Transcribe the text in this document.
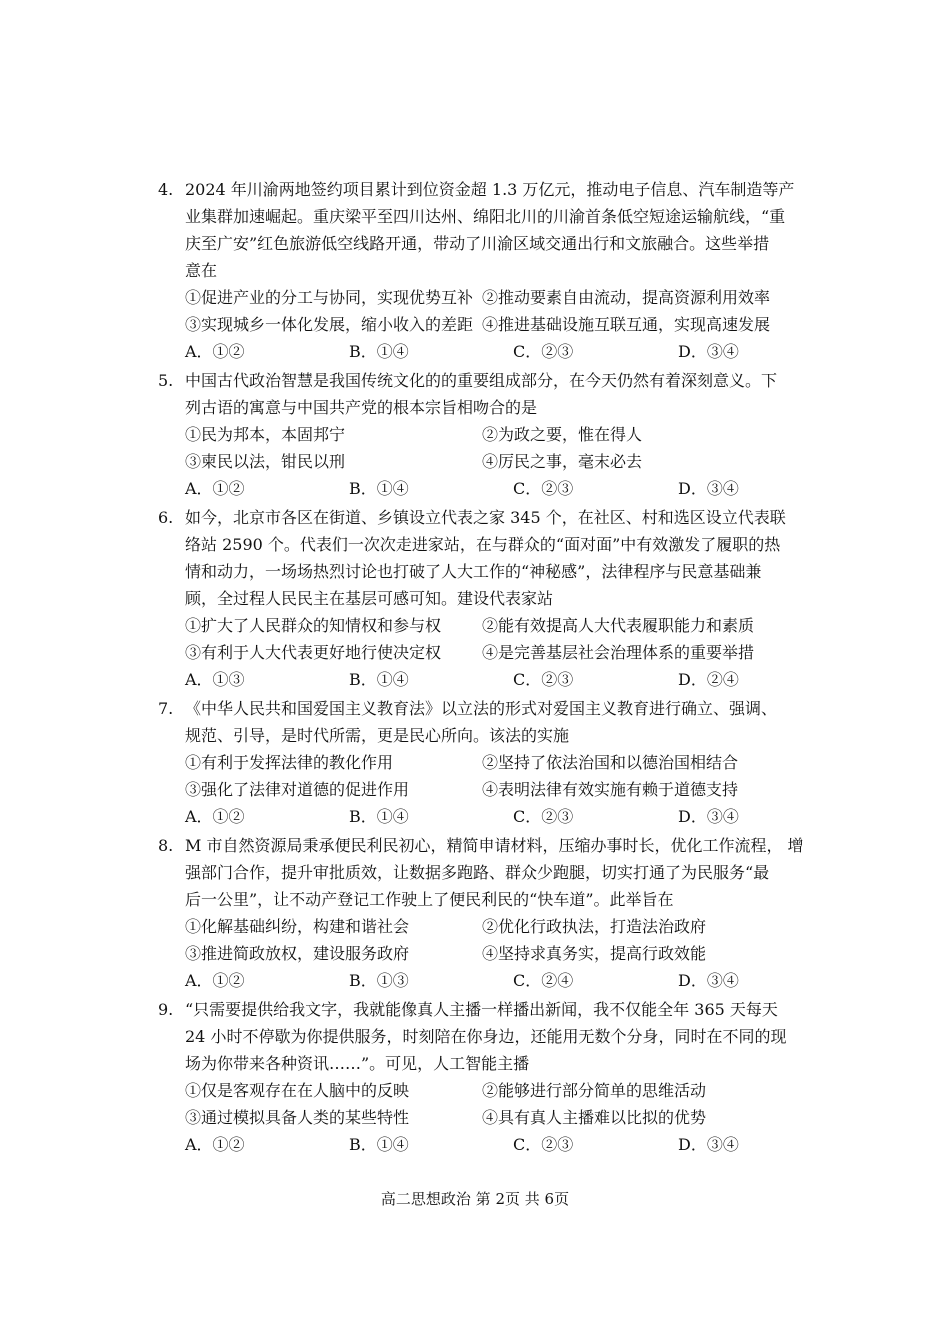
4. 2024 年川渝两地签约项目累计到位资金超 1.3 万亿元，推动电子信息、汽车制造等产
业集群加速崛起。重庆梁平至四川达州、绵阳北川的川渝首条低空短途运输航线，“重
庆至广安”红色旅游低空线路开通，带动了川渝区域交通出行和文旅融合。这些举措
意在
①促进产业的分工与协同，实现优势互补 ②推动要素自由流动，提高资源利用效率
③实现城乡一体化发展，缩小收入的差距 ④推进基础设施互联互通，实现高速发展
A．①②	B．①④	C．②③	D．③④
5. 中国古代政治智慧是我国传统文化的的重要组成部分，在今天仍然有着深刻意义。下
列古语的寓意与中国共产党的根本宗旨相吻合的是
①民为邦本，本固邦宁	②为政之要，惟在得人
③柬民以法，钳民以刑	④厉民之事，毫末必去
A．①②	B．①④	C．②③	D．③④
6. 如今，北京市各区在街道、乡镇设立代表之家 345 个，在社区、村和选区设立代表联
络站 2590 个。代表们一次次走进家站，在与群众的“面对面”中有效激发了履职的热
情和动力，一场场热烈讨论也打破了人大工作的“神秘感”，法律程序与民意基础兼
顾，全过程人民民主在基层可感可知。建设代表家站
①扩大了人民群众的知情权和参与权	②能有效提高人大代表履职能力和素质
③有利于人大代表更好地行使决定权	④是完善基层社会治理体系的重要举措
A．①③	B．①④	C．②③	D．②④
7. 《中华人民共和国爱国主义教育法》以立法的形式对爱国主义教育进行确立、强调、
规范、引导，是时代所需，更是民心所向。该法的实施
①有利于发挥法律的教化作用	②坚持了依法治国和以德治国相结合
③强化了法律对道德的促进作用	④表明法律有效实施有赖于道德支持
A．①②	B．①④	C．②③	D．③④
8. M 市自然资源局秉承便民利民初心，精简申请材料，压缩办事时长，优化工作流程， 增
强部门合作，提升审批质效，让数据多跑路、群众少跑腿，切实打通了为民服务“最
后一公里”，让不动产登记工作驶上了便民利民的“快车道”。此举旨在
①化解基础纠纷，构建和谐社会	②优化行政执法，打造法治政府
③推进简政放权，建设服务政府	④坚持求真务实，提高行政效能
A．①②	B．①③	C．②④	D．③④
9. “只需要提供给我文字，我就能像真人主播一样播出新闻，我不仅能全年 365 天每天
24 小时不停歇为你提供服务，时刻陪在你身边，还能用无数个分身，同时在不同的现
场为你带来各种资讯……”。可见，人工智能主播
①仅是客观存在在人脑中的反映	②能够进行部分简单的思维活动
③通过模拟具备人类的某些特性	④具有真人主播难以比拟的优势
A．①②	B．①④	C．②③	D．③④
高二思想政治 第 2页 共 6页
